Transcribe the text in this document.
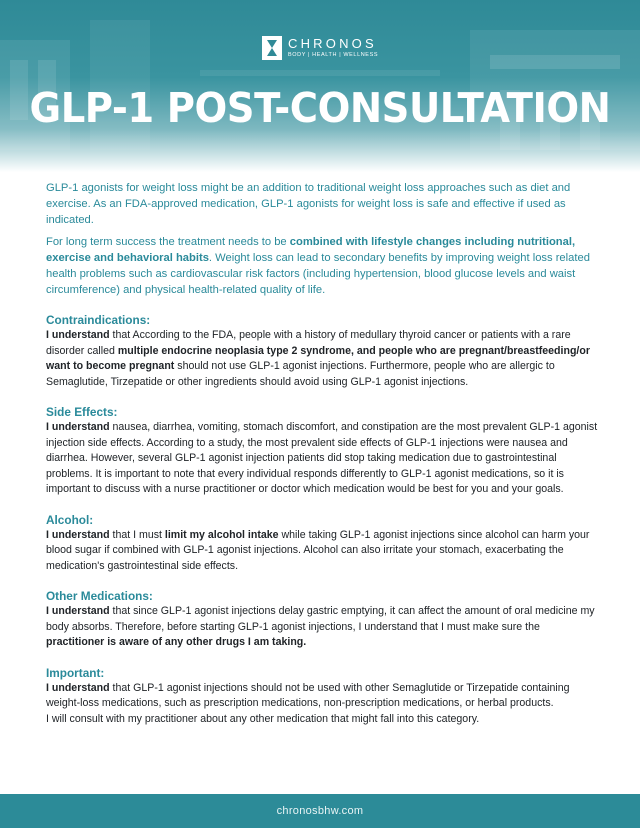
CHRONOS
BODY | HEALTH | WELLNESS
GLP-1 POST-CONSULTATION

GLP-1 agonists for weight loss might be an addition to traditional weight loss approaches such as diet and exercise. As an FDA-approved medication, GLP-1 agonists for weight loss is safe and effective if used as indicated.

For long term success the treatment needs to be combined with lifestyle changes including nutritional, exercise and behavioral habits. Weight loss can lead to secondary benefits by improving weight loss related health problems such as cardiovascular risk factors (including hypertension, blood glucose levels and waist circumference) and physical health-related quality of life.

Contraindications:

I understand that According to the FDA, people with a history of medullary thyroid cancer or patients with a rare disorder called multiple endocrine neoplasia type 2 syndrome, and people who are pregnant/breastfeeding/or want to become pregnant should not use GLP-1 agonist injections. Furthermore, people who are allergic to Semaglutide, Tirzepatide or other ingredients should avoid using GLP-1 agonist injections.

Side Effects:

I understand nausea, diarrhea, vomiting, stomach discomfort, and constipation are the most prevalent GLP-1 agonist injection side effects. According to a study, the most prevalent side effects of GLP-1 injections were nausea and diarrhea. However, several GLP-1 agonist injection patients did stop taking medication due to gastrointestinal problems. It is important to note that every individual responds differently to GLP-1 agonist medications, so it is important to discuss with a nurse practitioner or doctor which medication would be best for you and your goals.

Alcohol:

I understand that I must limit my alcohol intake while taking GLP-1 agonist injections since alcohol can harm your blood sugar if combined with GLP-1 agonist injections. Alcohol can also irritate your stomach, exacerbating the medication's gastrointestinal side effects.

Other Medications:

I understand that since GLP-1 agonist injections delay gastric emptying, it can affect the amount of oral medicine my body absorbs. Therefore, before starting GLP-1 agonist injections, I understand that I must make sure the practitioner is aware of any other drugs I am taking.

Important:

I understand that GLP-1 agonist injections should not be used with other Semaglutide or Tirzepatide containing weight-loss medications, such as prescription medications, non-prescription medications, or herbal products.

I will consult with my practitioner about any other medication that might fall into this category.

chronosbhw.com
